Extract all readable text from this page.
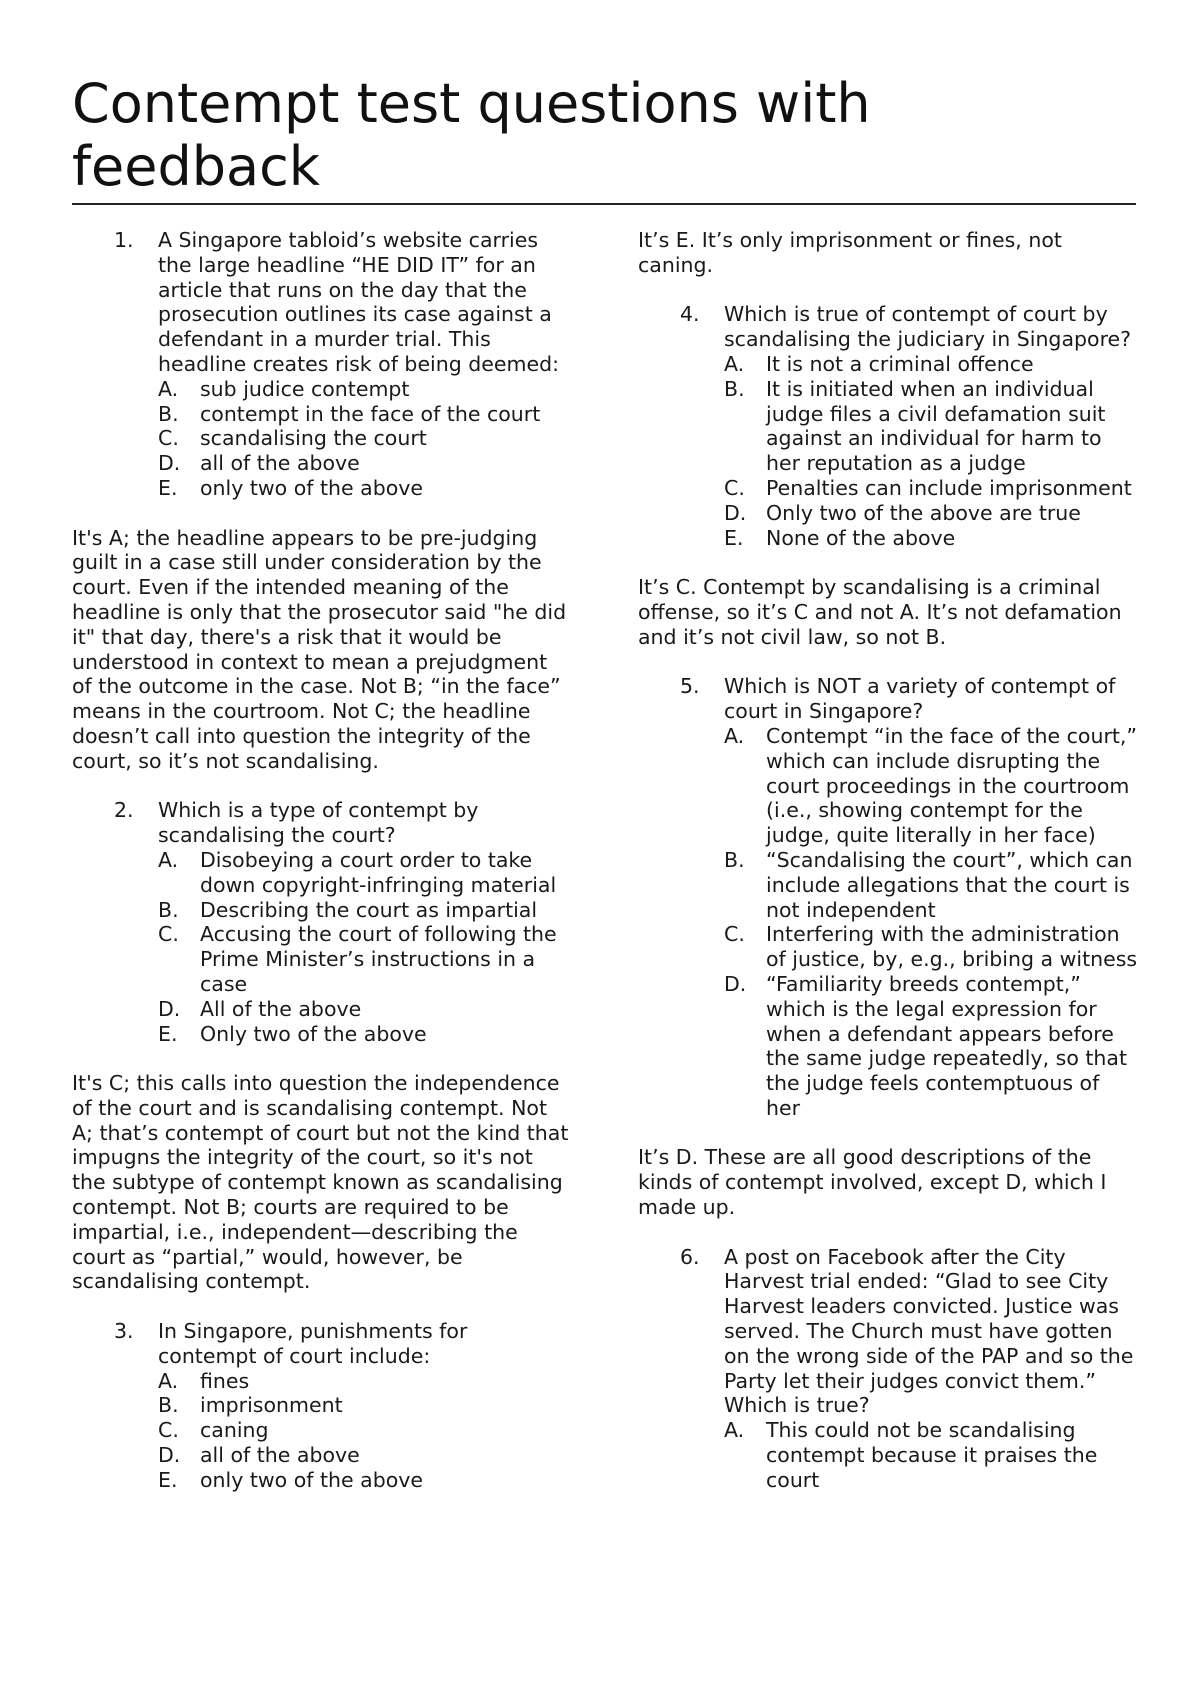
Contempt test questions with feedback
1. A Singapore tabloid’s website carries the large headline “HE DID IT” for an article that runs on the day that the prosecution outlines its case against a defendant in a murder trial. This headline creates risk of being deemed:
A. sub judice contempt
B. contempt in the face of the court
C. scandalising the court
D. all of the above
E. only two of the above

It's A; the headline appears to be pre-judging guilt in a case still under consideration by the court. Even if the intended meaning of the headline is only that the prosecutor said "he did it" that day, there's a risk that it would be understood in context to mean a prejudgment of the outcome in the case. Not B; “in the face” means in the courtroom. Not C; the headline doesn’t call into question the integrity of the court, so it’s not scandalising.

2. Which is a type of contempt by scandalising the court?
A. Disobeying a court order to take down copyright-infringing material
B. Describing the court as impartial
C. Accusing the court of following the Prime Minister’s instructions in a case
D. All of the above
E. Only two of the above

It's C; this calls into question the independence of the court and is scandalising contempt. Not A; that’s contempt of court but not the kind that impugns the integrity of the court, so it's not the subtype of contempt known as scandalising contempt. Not B; courts are required to be impartial, i.e., independent—describing the court as “partial,” would, however, be scandalising contempt.

3. In Singapore, punishments for contempt of court include:
A. fines
B. imprisonment
C. caning
D. all of the above
E. only two of the above

It’s E. It’s only imprisonment or fines, not caning.

4. Which is true of contempt of court by scandalising the judiciary in Singapore?
A. It is not a criminal offence
B. It is initiated when an individual judge files a civil defamation suit against an individual for harm to her reputation as a judge
C. Penalties can include imprisonment
D. Only two of the above are true
E. None of the above

It’s C. Contempt by scandalising is a criminal offense, so it’s C and not A. It’s not defamation and it’s not civil law, so not B.

5. Which is NOT a variety of contempt of court in Singapore?
A. Contempt “in the face of the court,” which can include disrupting the court proceedings in the courtroom (i.e., showing contempt for the judge, quite literally in her face)
B. “Scandalising the court”, which can include allegations that the court is not independent
C. Interfering with the administration of justice, by, e.g., bribing a witness
D. “Familiarity breeds contempt,” which is the legal expression for when a defendant appears before the same judge repeatedly, so that the judge feels contemptuous of her

It’s D. These are all good descriptions of the kinds of contempt involved, except D, which I made up.

6. A post on Facebook after the City Harvest trial ended: “Glad to see City Harvest leaders convicted. Justice was served. The Church must have gotten on the wrong side of the PAP and so the Party let their judges convict them.” Which is true?
A. This could not be scandalising contempt because it praises the court
